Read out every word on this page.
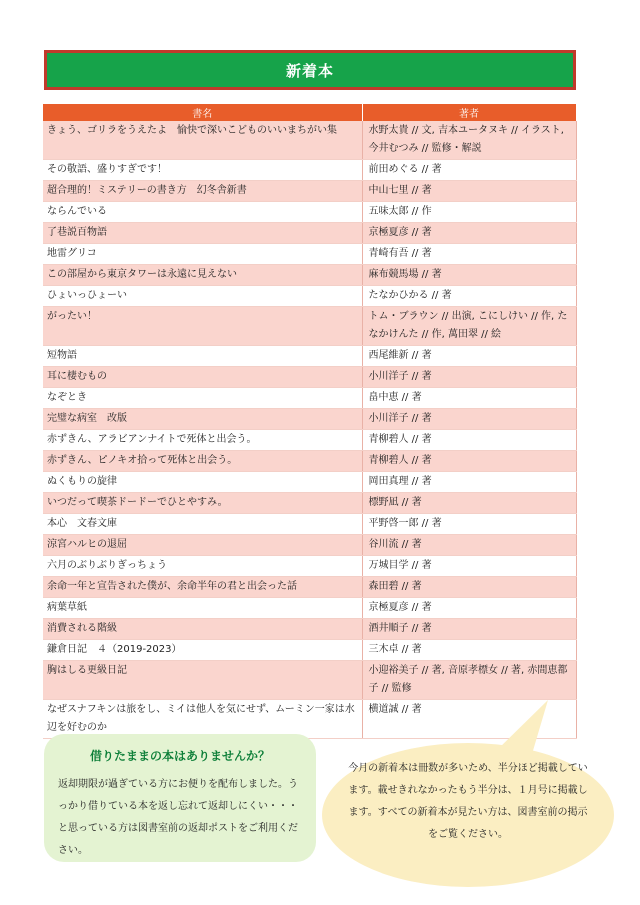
新着本
書名	著者
きょう、ゴリラをうえたよ　愉快で深いこどものいいまちがい集	水野太貴 // 文, 吉本ユータヌキ // イラスト, 今井むつみ // 監修・解説
その敬語、盛りすぎです！	前田めぐる // 著
超合理的！ミステリーの書き方　幻冬舎新書	中山七里 // 著
ならんでいる	五味太郎 // 作
了巷説百物語	京極夏彦 // 著
地雷グリコ	青崎有吾 // 著
この部屋から東京タワーは永遠に見えない	麻布競馬場 // 著
ひょいっひょーい	たなかひかる // 著
がったい！	トム・ブラウン // 出演, こにしけい // 作, たなかけんた // 作, 萬田翠 // 絵
短物語	西尾維新 // 著
耳に棲むもの	小川洋子 // 著
なぞとき	畠中恵 // 著
完璧な病室　改版	小川洋子 // 著
赤ずきん、アラビアンナイトで死体と出会う。	青柳碧人 // 著
赤ずきん、ピノキオ拾って死体と出会う。	青柳碧人 // 著
ぬくもりの旋律	岡田真理 // 著
いつだって喫茶ドードーでひとやすみ。	標野凪 // 著
本心　文春文庫	平野啓一郎 // 著
涼宮ハルヒの退屈	谷川流 // 著
六月のぶりぶりぎっちょう	万城目学 // 著
余命一年と宣告された僕が、余命半年の君と出会った話	森田碧 // 著
病葉草紙	京極夏彦 // 著
消費される階級	酒井順子 // 著
鎌倉日記　４（2019-2023）	三木卓 // 著
胸はしる更級日記	小迎裕美子 // 著, 音原孝標女 // 著, 赤間恵都子 // 監修
なぜスナフキンは旅をし、ミイは他人を気にせず、ムーミン一家は水辺を好むのか	横道誠 // 著
借りたままの本はありませんか？
返却期限が過ぎている方にお便りを配布しました。うっかり借りている本を返し忘れて返却しにくい・・・と思っている方は図書室前の返却ポストをご利用ください。
今月の新着本は冊数が多いため、半分ほど掲載しています。載せきれなかったもう半分は、１月号に掲載します。すべての新着本が見たい方は、図書室前の掲示をご覧ください。
